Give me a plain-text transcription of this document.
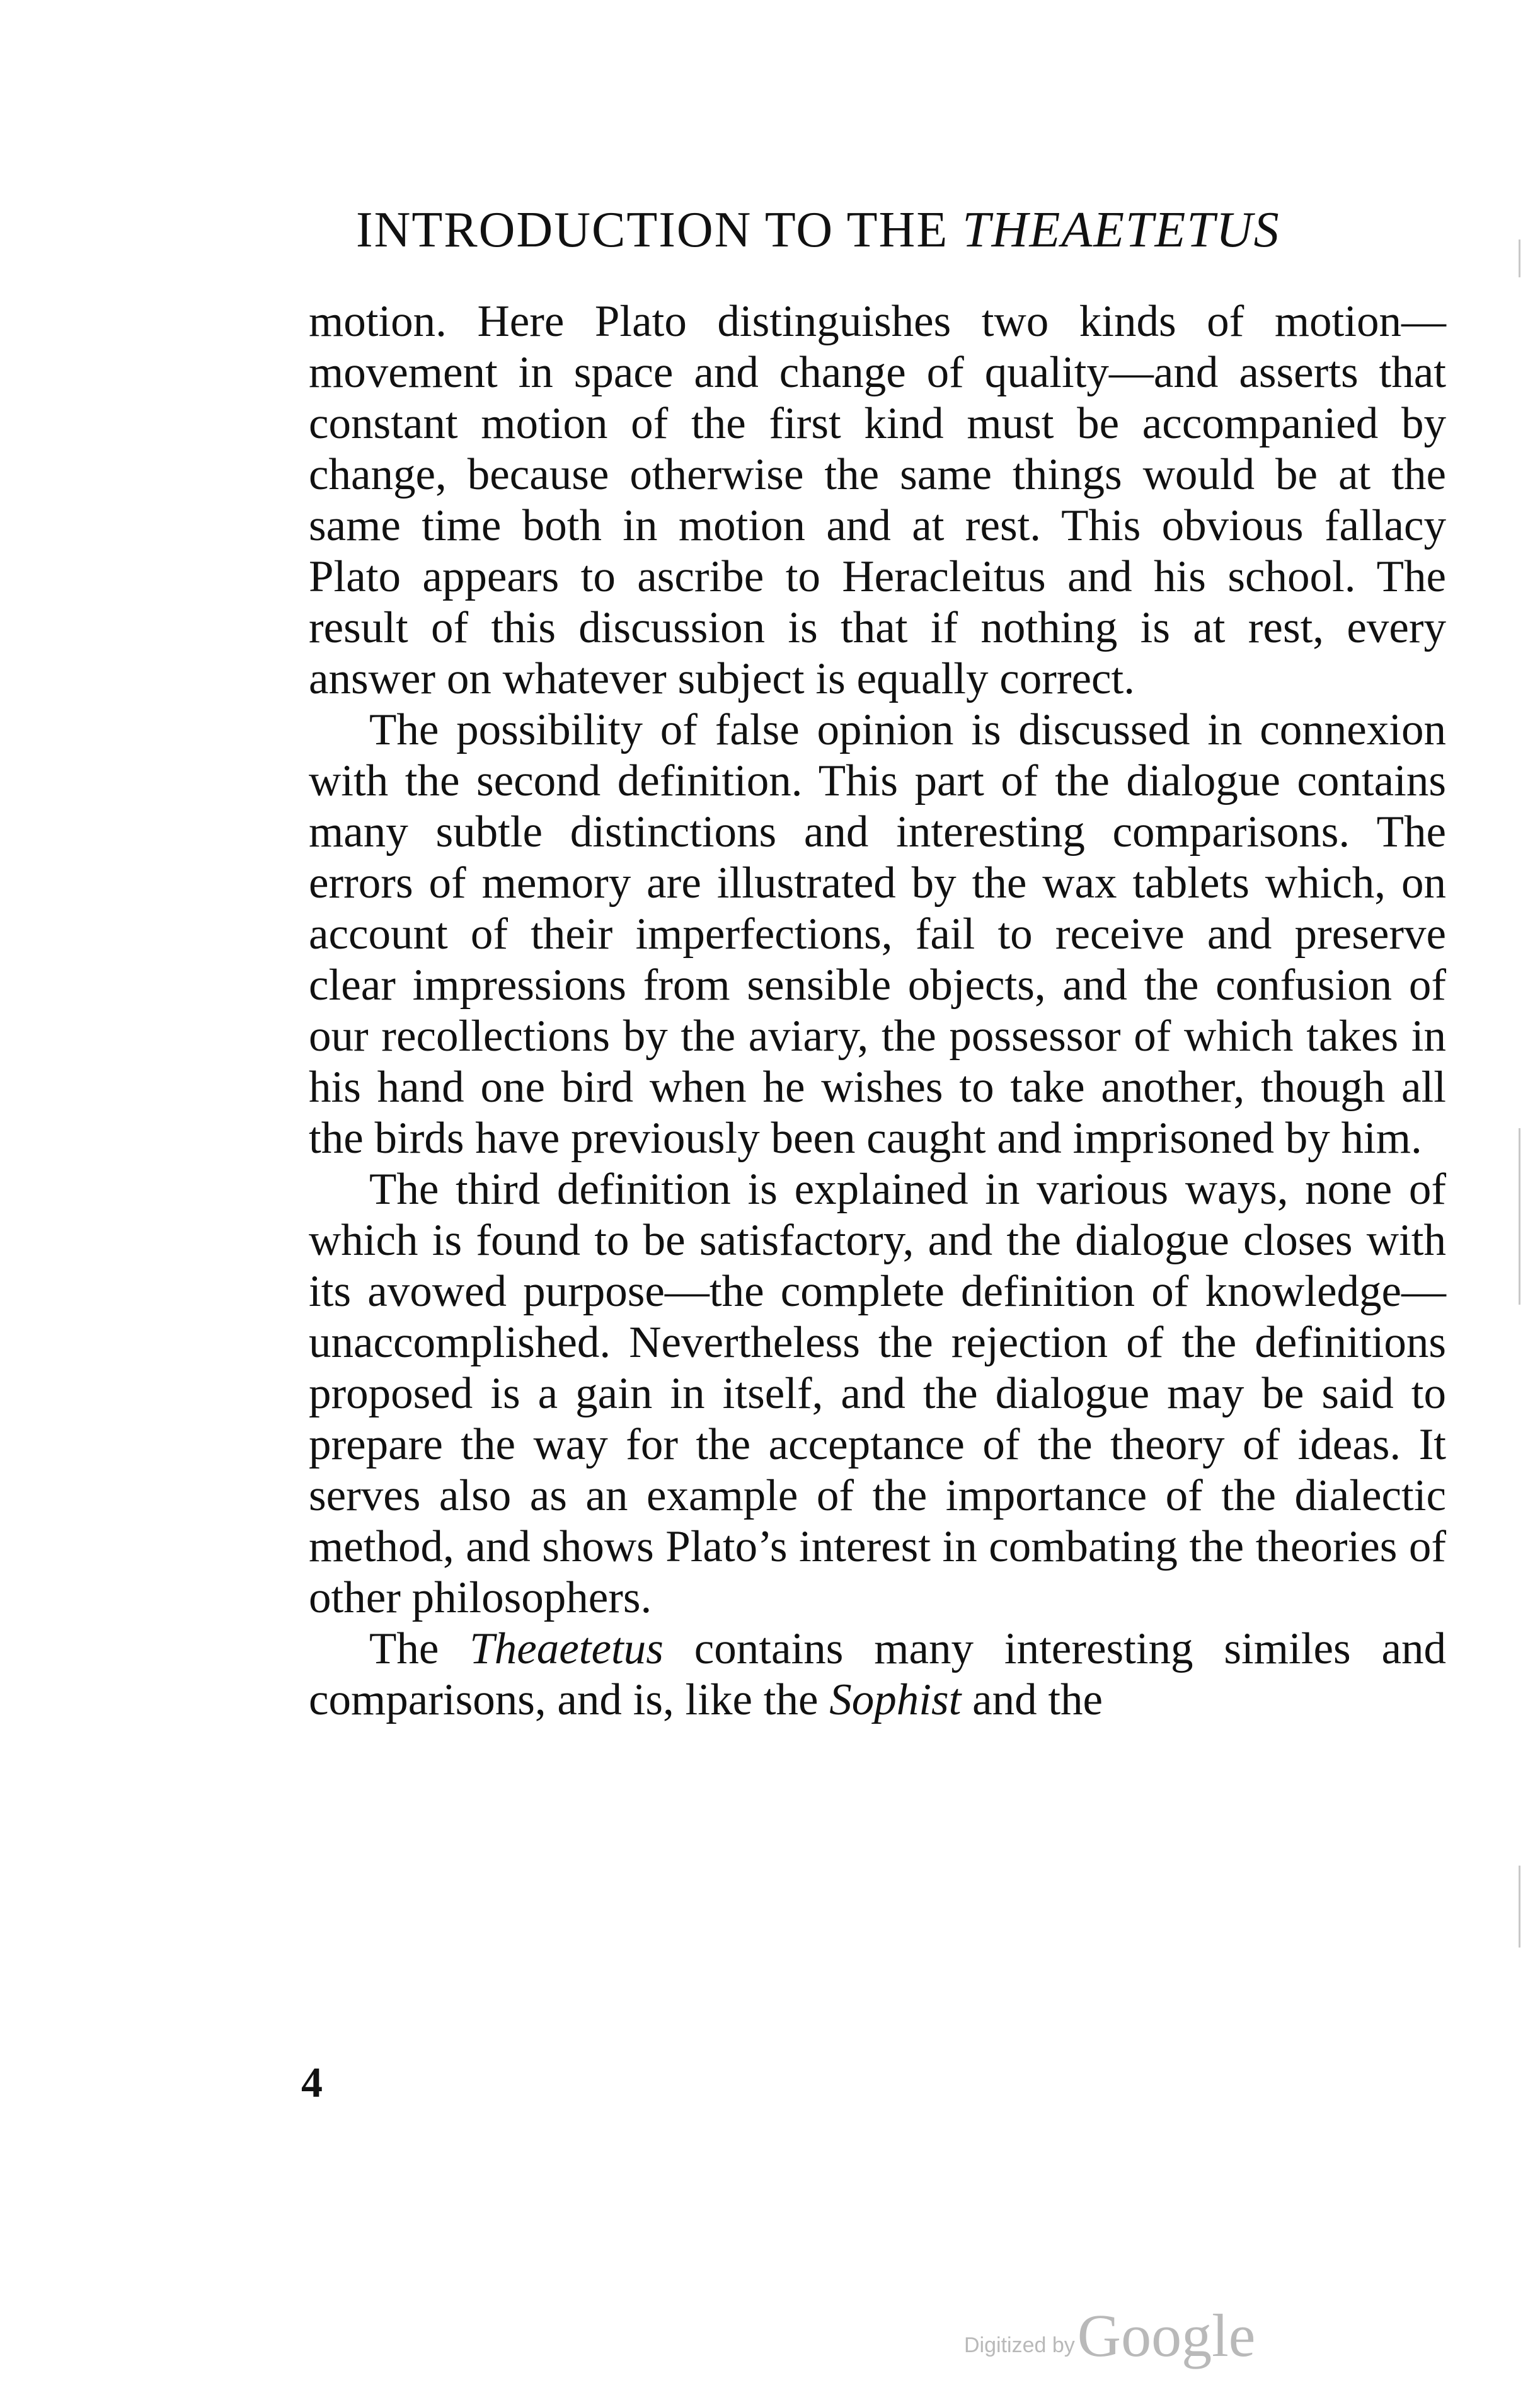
INTRODUCTION TO THE THEAETETUS

motion. Here Plato distinguishes two kinds of motion—movement in space and change of quality—and asserts that constant motion of the first kind must be accompanied by change, because otherwise the same things would be at the same time both in motion and at rest. This obvious fallacy Plato appears to ascribe to Heracleitus and his school. The result of this discussion is that if nothing is at rest, every answer on whatever subject is equally correct.

The possibility of false opinion is discussed in connexion with the second definition. This part of the dialogue contains many subtle distinctions and interesting comparisons. The errors of memory are illustrated by the wax tablets which, on account of their imperfections, fail to receive and preserve clear impressions from sensible objects, and the confusion of our recollections by the aviary, the possessor of which takes in his hand one bird when he wishes to take another, though all the birds have previously been caught and imprisoned by him.

The third definition is explained in various ways, none of which is found to be satisfactory, and the dialogue closes with its avowed purpose—the complete definition of knowledge—unaccomplished. Nevertheless the rejection of the definitions proposed is a gain in itself, and the dialogue may be said to prepare the way for the acceptance of the theory of ideas. It serves also as an example of the importance of the dialectic method, and shows Plato’s interest in combating the theories of other philosophers.

The Theaetetus contains many interesting similes and comparisons, and is, like the Sophist and the

4
Digitized by Google
